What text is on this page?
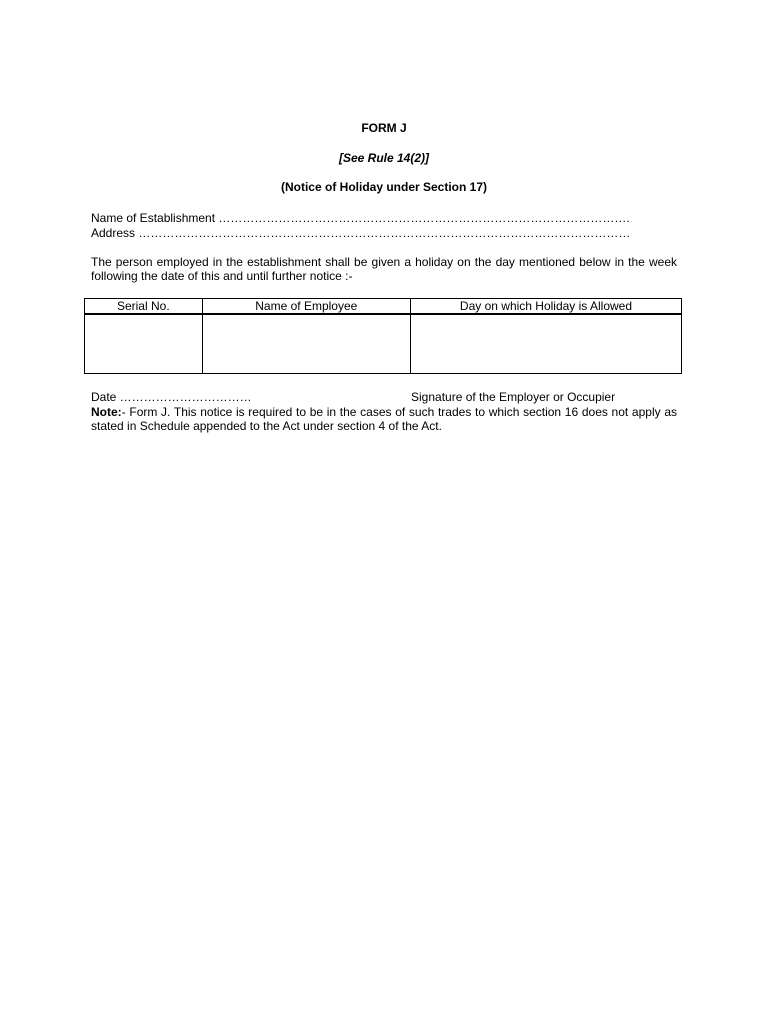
FORM J
[See Rule 14(2)]
(Notice of Holiday under Section 17)
Name of Establishment ………………………………………………………………………………………….
Address ……………………………………………………………………………………………………………
The person employed in the establishment shall be given a holiday on the day mentioned below in the week following the date of this and until further notice :-
Serial No.	Name of Employee	Day on which Holiday is Allowed

Date ……………………………	Signature of the Employer or Occupier
Note:- Form J. This notice is required to be in the cases of such trades to which section 16 does not apply as stated in Schedule appended to the Act under section 4 of the Act.
